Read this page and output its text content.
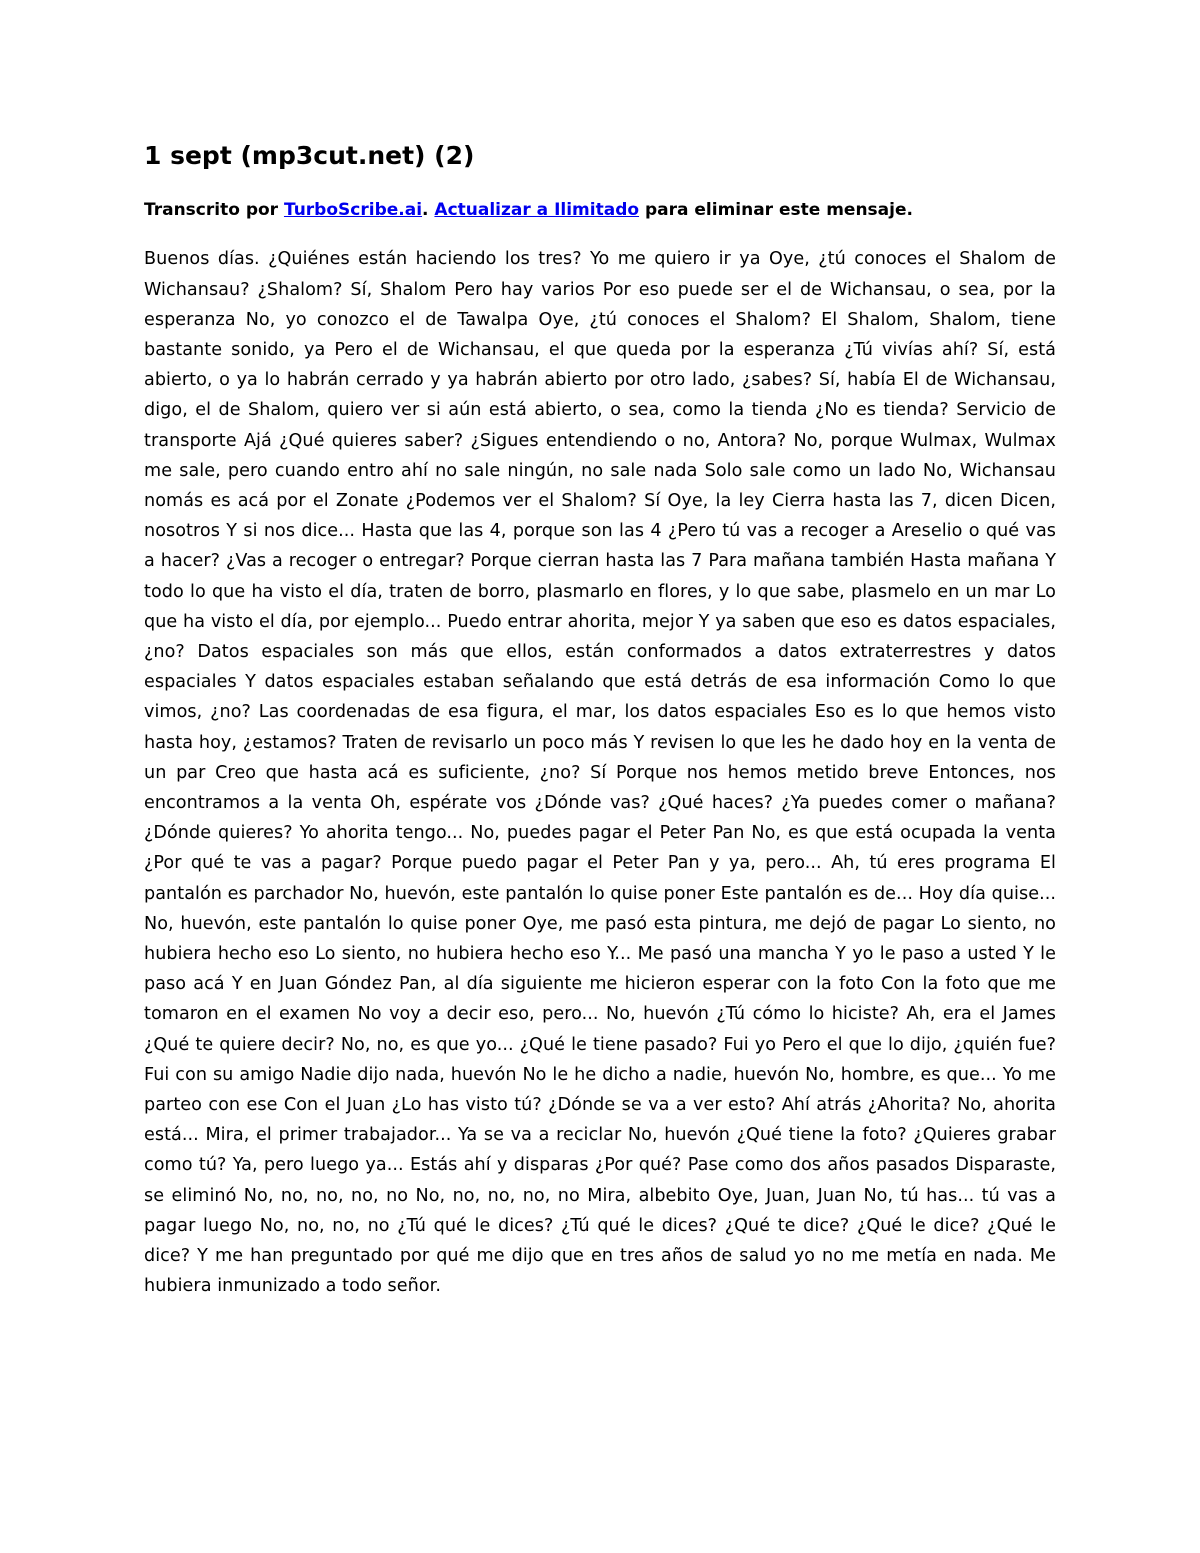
1 sept (mp3cut.net) (2)

Transcrito por TurboScribe.ai. Actualizar a Ilimitado para eliminar este mensaje.

Buenos días. ¿Quiénes están haciendo los tres? Yo me quiero ir ya Oye, ¿tú conoces el Shalom de Wichansau? ¿Shalom? Sí, Shalom Pero hay varios Por eso puede ser el de Wichansau, o sea, por la esperanza No, yo conozco el de Tawalpa Oye, ¿tú conoces el Shalom? El Shalom, Shalom, tiene bastante sonido, ya Pero el de Wichansau, el que queda por la esperanza ¿Tú vivías ahí? Sí, está abierto, o ya lo habrán cerrado y ya habrán abierto por otro lado, ¿sabes? Sí, había El de Wichansau, digo, el de Shalom, quiero ver si aún está abierto, o sea, como la tienda ¿No es tienda? Servicio de transporte Ajá ¿Qué quieres saber? ¿Sigues entendiendo o no, Antora? No, porque Wulmax, Wulmax me sale, pero cuando entro ahí no sale ningún, no sale nada Solo sale como un lado No, Wichansau nomás es acá por el Zonate ¿Podemos ver el Shalom? Sí Oye, la ley Cierra hasta las 7, dicen Dicen, nosotros Y si nos dice... Hasta que las 4, porque son las 4 ¿Pero tú vas a recoger a Areselio o qué vas a hacer? ¿Vas a recoger o entregar? Porque cierran hasta las 7 Para mañana también Hasta mañana Y todo lo que ha visto el día, traten de borro, plasmarlo en flores, y lo que sabe, plasmelo en un mar Lo que ha visto el día, por ejemplo... Puedo entrar ahorita, mejor Y ya saben que eso es datos espaciales, ¿no? Datos espaciales son más que ellos, están conformados a datos extraterrestres y datos espaciales Y datos espaciales estaban señalando que está detrás de esa información Como lo que vimos, ¿no? Las coordenadas de esa figura, el mar, los datos espaciales Eso es lo que hemos visto hasta hoy, ¿estamos? Traten de revisarlo un poco más Y revisen lo que les he dado hoy en la venta de un par Creo que hasta acá es suficiente, ¿no? Sí Porque nos hemos metido breve Entonces, nos encontramos a la venta Oh, espérate vos ¿Dónde vas? ¿Qué haces? ¿Ya puedes comer o mañana? ¿Dónde quieres? Yo ahorita tengo... No, puedes pagar el Peter Pan No, es que está ocupada la venta ¿Por qué te vas a pagar? Porque puedo pagar el Peter Pan y ya, pero... Ah, tú eres programa El pantalón es parchador No, huevón, este pantalón lo quise poner Este pantalón es de... Hoy día quise... No, huevón, este pantalón lo quise poner Oye, me pasó esta pintura, me dejó de pagar Lo siento, no hubiera hecho eso Lo siento, no hubiera hecho eso Y... Me pasó una mancha Y yo le paso a usted Y le paso acá Y en Juan Góndez Pan, al día siguiente me hicieron esperar con la foto Con la foto que me tomaron en el examen No voy a decir eso, pero... No, huevón ¿Tú cómo lo hiciste? Ah, era el James ¿Qué te quiere decir? No, no, es que yo... ¿Qué le tiene pasado? Fui yo Pero el que lo dijo, ¿quién fue? Fui con su amigo Nadie dijo nada, huevón No le he dicho a nadie, huevón No, hombre, es que... Yo me parteo con ese Con el Juan ¿Lo has visto tú? ¿Dónde se va a ver esto? Ahí atrás ¿Ahorita? No, ahorita está... Mira, el primer trabajador... Ya se va a reciclar No, huevón ¿Qué tiene la foto? ¿Quieres grabar como tú? Ya, pero luego ya... Estás ahí y disparas ¿Por qué? Pase como dos años pasados Disparaste, se eliminó No, no, no, no, no No, no, no, no, no Mira, albebito Oye, Juan, Juan No, tú has... tú vas a pagar luego No, no, no, no ¿Tú qué le dices? ¿Tú qué le dices? ¿Qué te dice? ¿Qué le dice? ¿Qué le dice? Y me han preguntado por qué me dijo que en tres años de salud yo no me metía en nada. Me hubiera inmunizado a todo señor.
